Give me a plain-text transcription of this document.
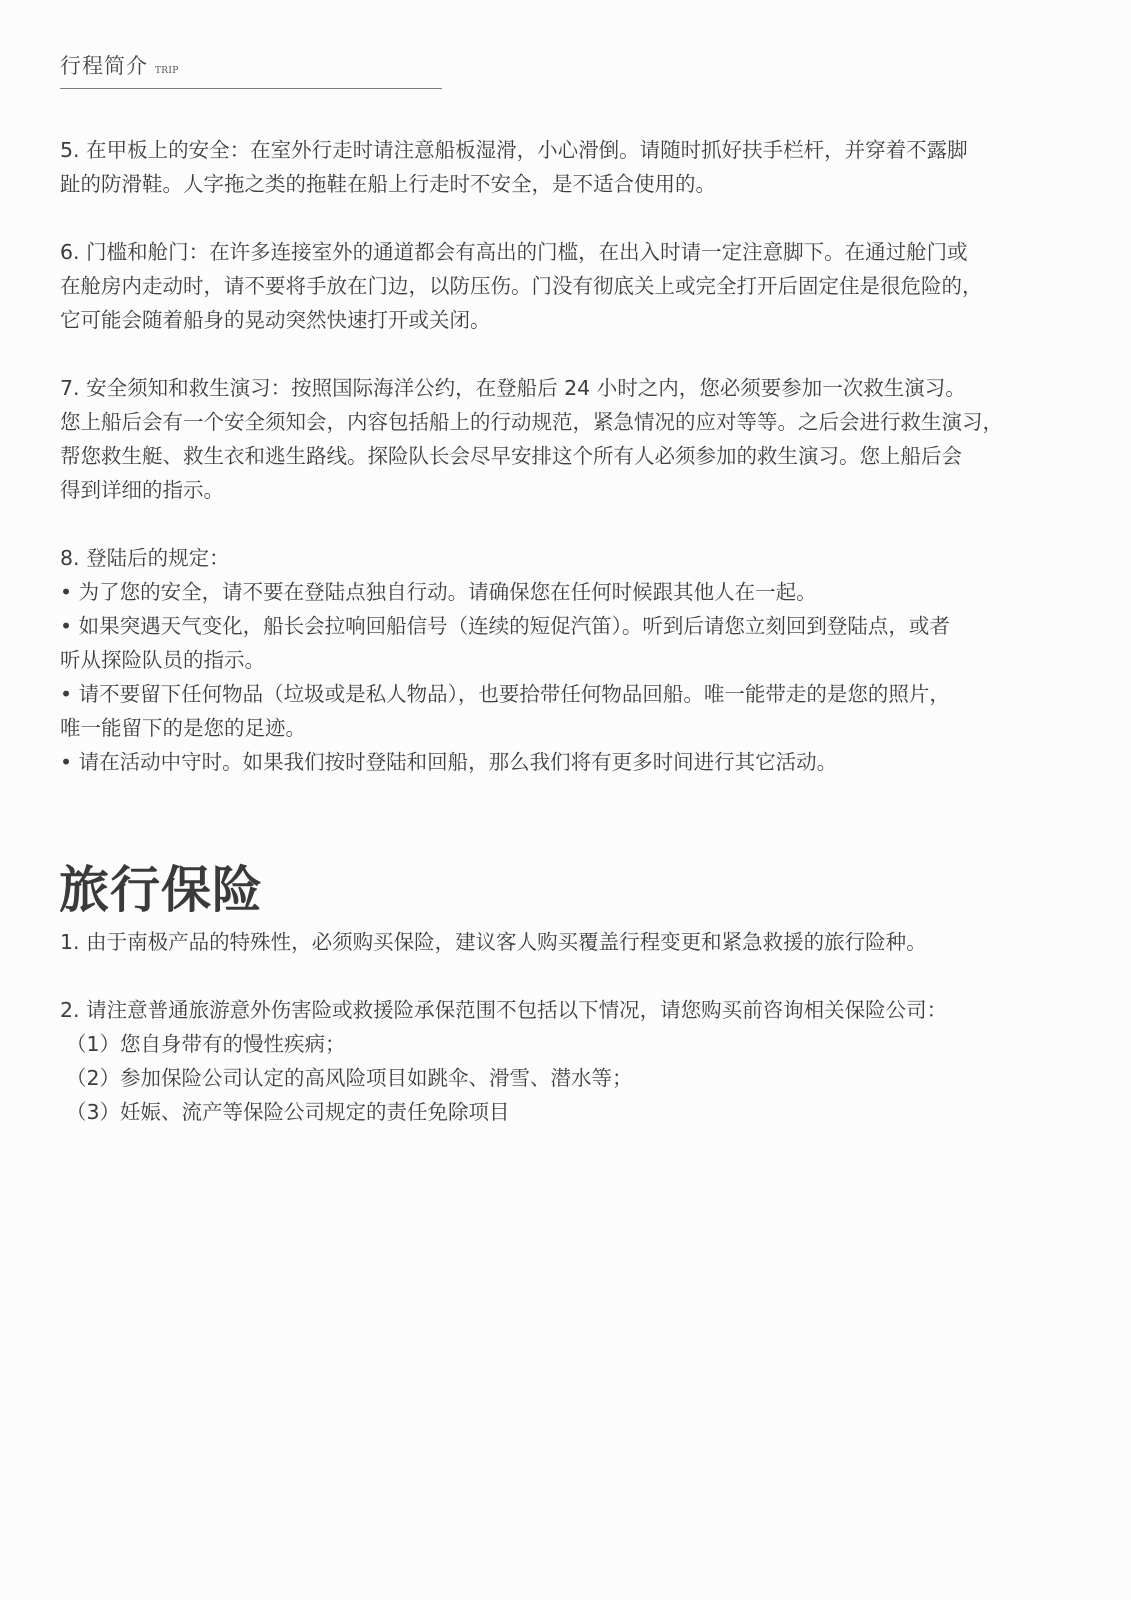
行程简介 TRIP

5. 在甲板上的安全：在室外行走时请注意船板湿滑，小心滑倒。请随时抓好扶手栏杆，并穿着不露脚
趾的防滑鞋。人字拖之类的拖鞋在船上行走时不安全，是不适合使用的。

6. 门槛和舱门：在许多连接室外的通道都会有高出的门槛，在出入时请一定注意脚下。在通过舱门或
在舱房内走动时，请不要将手放在门边，以防压伤。门没有彻底关上或完全打开后固定住是很危险的，
它可能会随着船身的晃动突然快速打开或关闭。

7. 安全须知和救生演习：按照国际海洋公约，在登船后 24 小时之内，您必须要参加一次救生演习。
您上船后会有一个安全须知会，内容包括船上的行动规范，紧急情况的应对等等。之后会进行救生演习，
帮您救生艇、救生衣和逃生路线。探险队长会尽早安排这个所有人必须参加的救生演习。您上船后会
得到详细的指示。

8. 登陆后的规定：
• 为了您的安全，请不要在登陆点独自行动。请确保您在任何时候跟其他人在一起。
• 如果突遇天气变化，船长会拉响回船信号（连续的短促汽笛）。听到后请您立刻回到登陆点，或者
听从探险队员的指示。
• 请不要留下任何物品（垃圾或是私人物品），也要拾带任何物品回船。唯一能带走的是您的照片，
唯一能留下的是您的足迹。
• 请在活动中守时。如果我们按时登陆和回船，那么我们将有更多时间进行其它活动。

旅行保险

1. 由于南极产品的特殊性，必须购买保险，建议客人购买覆盖行程变更和紧急救援的旅行险种。

2. 请注意普通旅游意外伤害险或救援险承保范围不包括以下情况，请您购买前咨询相关保险公司：
（1）您自身带有的慢性疾病；
（2）参加保险公司认定的高风险项目如跳伞、滑雪、潜水等；
（3）妊娠、流产等保险公司规定的责任免除项目
